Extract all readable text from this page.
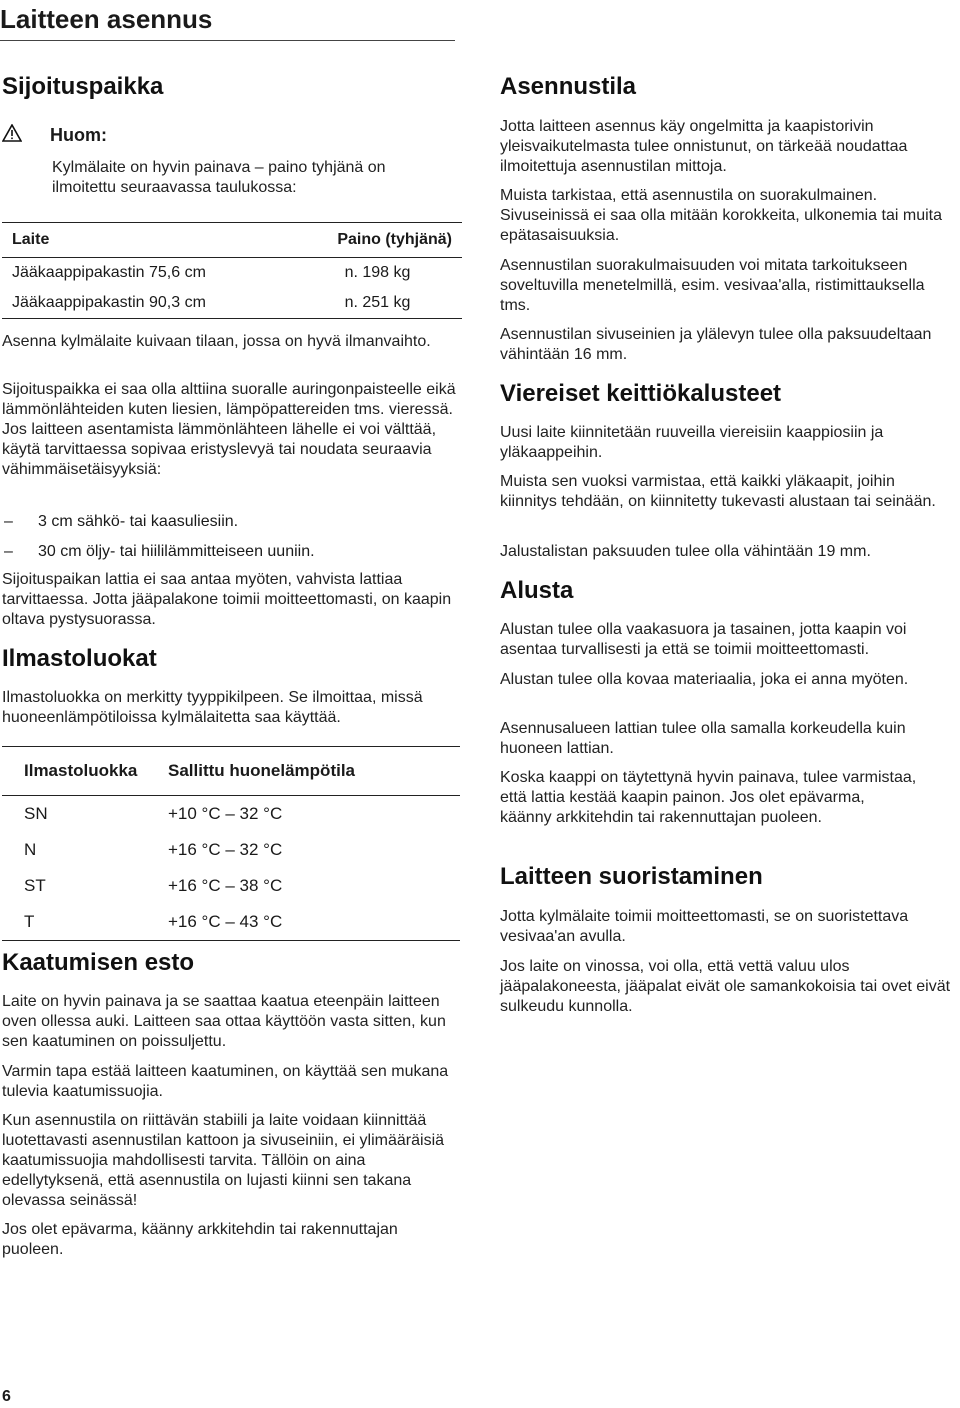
Laitteen asennus
Sijoituspaikka
Huom:

Kylmälaite on hyvin painava – paino tyhjänä on ilmoitettu seuraavassa taulukossa:

Laite	Paino (tyhjänä)
Jääkaappipakastin 75,6 cm	n. 198 kg
Jääkaappipakastin 90,3 cm	n. 251 kg

Asenna kylmälaite kuivaan tilaan, jossa on hyvä ilmanvaihto.

Sijoituspaikka ei saa olla alttiina suoralle auringonpaisteelle eikä lämmönlähteiden kuten liesien, lämpöpattereiden tms. vieressä. Jos laitteen asentamista lämmönlähteen lähelle ei voi välttää, käytä tarvittaessa sopivaa eristyslevyä tai noudata seuraavia vähimmäisetäisyyksiä:

– 3 cm sähkö- tai kaasuliesiin.
– 30 cm öljy- tai hiililämmitteiseen uuniin.

Sijoituspaikan lattia ei saa antaa myöten, vahvista lattiaa tarvittaessa. Jotta jääpalakone toimii moitteettomasti, on kaapin oltava pystysuorassa.

Ilmastoluokat

Ilmastoluokka on merkitty tyyppikilpeen. Se ilmoittaa, missä huoneenlämpötiloissa kylmälaitetta saa käyttää.

Ilmastoluokka	Sallittu huonelämpötila
SN	+10 °C – 32 °C
N	+16 °C – 32 °C
ST	+16 °C – 38 °C
T	+16 °C – 43 °C
Kaatumisen esto

Laite on hyvin painava ja se saattaa kaatua eteenpäin laitteen oven ollessa auki. Laitteen saa ottaa käyttöön vasta sitten, kun sen kaatuminen on poissuljettu.

Varmin tapa estää laitteen kaatuminen, on käyttää sen mukana tulevia kaatumissuojia.

Kun asennustila on riittävän stabiili ja laite voidaan kiinnittää luotettavasti asennustilan kattoon ja sivuseiniin, ei ylimääräisiä kaatumissuojia mahdollisesti tarvita. Tällöin on aina edellytyksenä, että asennustila on lujasti kiinni sen takana olevassa seinässä!

Jos olet epävarma, käänny arkkitehdin tai rakennuttajan puoleen.

Asennustila

Jotta laitteen asennus käy ongelmitta ja kaapistorivin yleisvaikutelmasta tulee onnistunut, on tärkeää noudattaa ilmoitettuja asennustilan mittoja.

Muista tarkistaa, että asennustila on suorakulmainen. Sivuseinissä ei saa olla mitään korokkeita, ulkonemia tai muita epätasaisuuksia.

Asennustilan suorakulmaisuuden voi mitata tarkoitukseen soveltuvilla menetelmillä, esim. vesivaa'alla, ristimittauksella tms.

Asennustilan sivuseinien ja ylälevyn tulee olla paksuudeltaan vähintään 16 mm.

Viereiset keittiökalusteet

Uusi laite kiinnitetään ruuveilla viereisiin kaappiosiin ja yläkaappeihin.

Muista sen vuoksi varmistaa, että kaikki yläkaapit, joihin kiinnitys tehdään, on kiinnitetty tukevasti alustaan tai seinään.

Jalustalistan paksuuden tulee olla vähintään 19 mm.

Alusta

Alustan tulee olla vaakasuora ja tasainen, jotta kaapin voi asentaa turvallisesti ja että se toimii moitteettomasti.

Alustan tulee olla kovaa materiaalia, joka ei anna myöten.

Asennusalueen lattian tulee olla samalla korkeudella kuin huoneen lattian.

Koska kaappi on täytettynä hyvin painava, tulee varmistaa, että lattia kestää kaapin painon. Jos olet epävarma, käänny arkkitehdin tai rakennuttajan puoleen.

Laitteen suoristaminen

Jotta kylmälaite toimii moitteettomasti, se on suoristettava vesivaa'an avulla.

Jos laite on vinossa, voi olla, että vettä valuu ulos jääpalakoneesta, jääpalat eivät ole samankokoisia tai ovet eivät sulkeudu kunnolla.

6
